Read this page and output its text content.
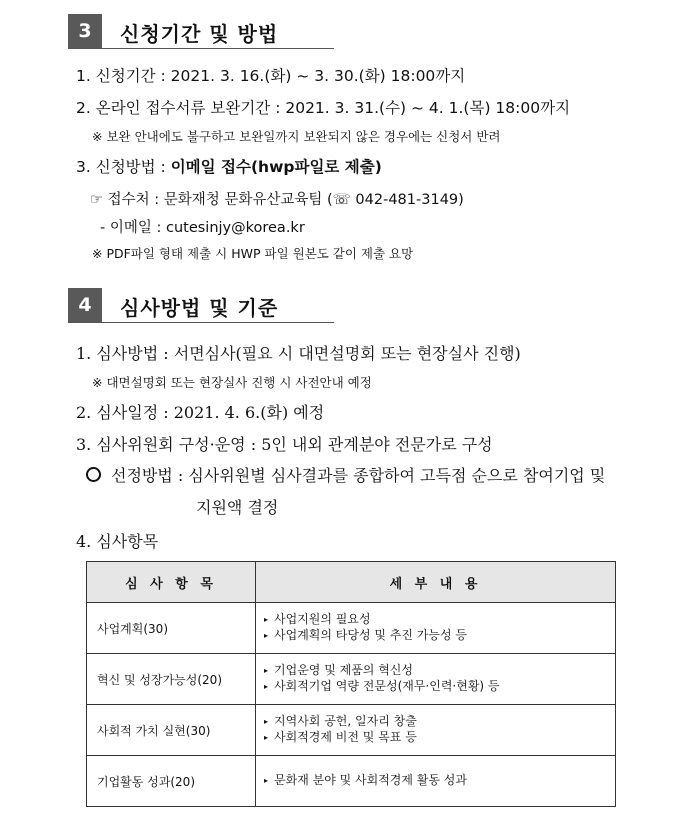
3	신청기간 및 방법
1. 신청기간 : 2021. 3. 16.(화) ~ 3. 30.(화) 18:00까지
2. 온라인 접수서류 보완기간 : 2021. 3. 31.(수) ~ 4. 1.(목) 18:00까지
※ 보완 안내에도 불구하고 보완일까지 보완되지 않은 경우에는 신청서 반려
3. 신청방법 : 이메일 접수(hwp파일로 제출)
☞ 접수처 : 문화재청 문화유산교육팀 (☏ 042-481-3149)
- 이메일 : cutesinjy@korea.kr
※ PDF파일 형태 제출 시 HWP 파일 원본도 같이 제출 요망
4	심사방법 및 기준
1. 심사방법 : 서면심사(필요 시 대면설명회 또는 현장실사 진행)
※ 대면설명회 또는 현장실사 진행 시 사전안내 예정
2. 심사일정 : 2021. 4. 6.(화) 예정
3. 심사위원회 구성·운영 : 5인 내외 관계분야 전문가로 구성
선정방법 : 심사위원별 심사결과를 종합하여 고득점 순으로 참여기업 및
지원액 결정
4. 심사항목
심 사 항 목	세 부 내 용
사업계획(30)	▸ 사업지원의 필요성
▸ 사업계획의 타당성 및 추진 가능성 등

혁신 및 성장가능성(20)	▸ 기업운영 및 제품의 혁신성
▸ 사회적기업 역량 전문성(재무·인력·현황) 등

사회적 가치 실현(30)	▸ 지역사회 공헌, 일자리 창출
▸ 사회적경제 비전 및 목표 등

기업활동 성과(20)	▸ 문화재 분야 및 사회적경제 활동 성과
